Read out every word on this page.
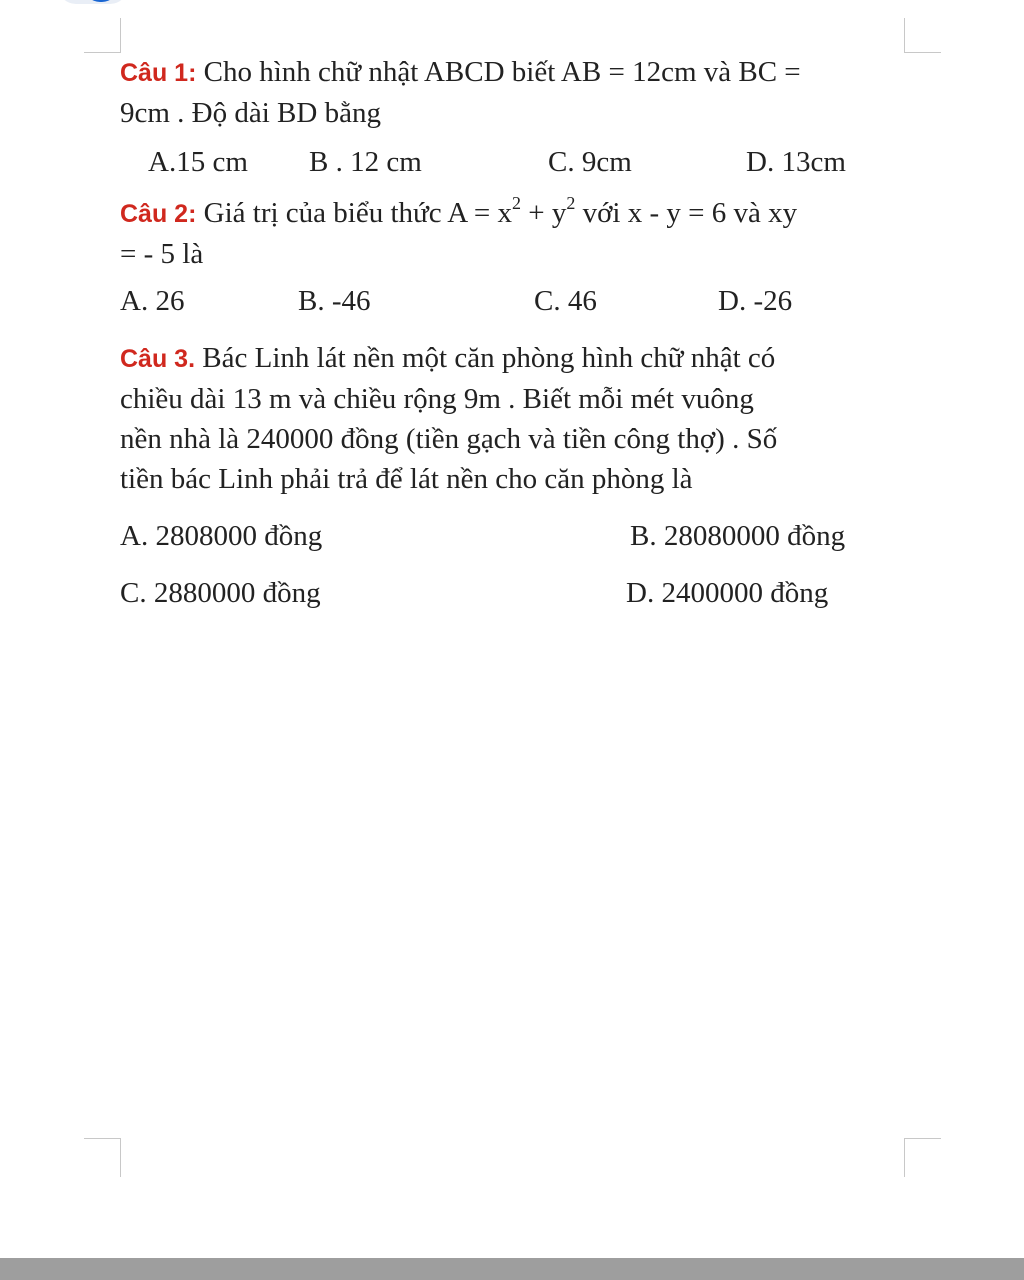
Câu 1: Cho hình chữ nhật ABCD biết AB = 12cm và BC =
9cm . Độ dài BD bằng
A.15 cm B . 12 cm	C. 9cm	D. 13cm
Câu 2: Giá trị của biểu thức $A = x^2 + y^2$ với x - y = 6 và xy
= - 5 là
A. 26	B. -46	C. 46	D. -26
Câu 3. Bác Linh lát nền một căn phòng hình chữ nhật có
chiều dài 13 m và chiều rộng 9m . Biết mỗi mét vuông
nền nhà là 240000 đồng (tiền gạch và tiền công thợ) . Số
tiền bác Linh phải trả để lát nền cho căn phòng là
A. 2808000 đồng	B. 28080000 đồng
C. 2880000 đồng	D. 2400000 đồng
